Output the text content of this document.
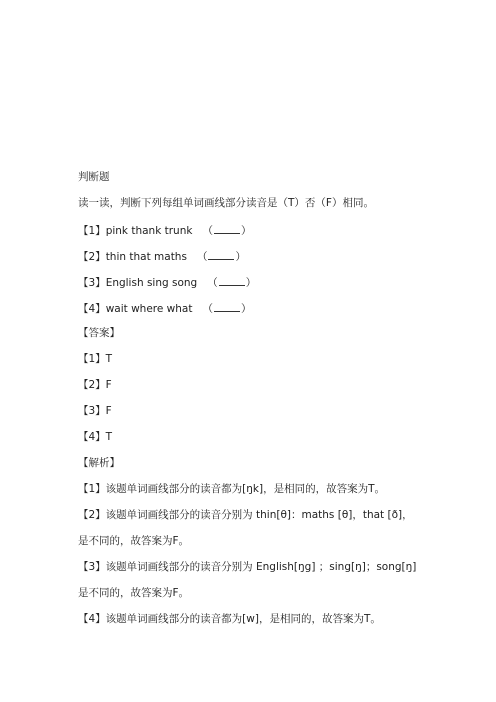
判断题
读一读，判断下列每组单词画线部分读音是（T）否（F）相同。
【1】pink thank trunk （	）
【2】thin that maths （	）
【3】English sing song （	）
【4】wait where what （	）
【答案】
【1】T
【2】F
【3】F
【4】T
【解析】
【1】该题单词画线部分的读音都为[ŋk]，是相同的，故答案为T。
【2】该题单词画线部分的读音分别为 thin[θ]：maths [θ]，that [ð]，
是不同的，故答案为F。
【3】该题单词画线部分的读音分别为 English[ŋg] ；sing[ŋ]；song[ŋ]
是不同的，故答案为F。
【4】该题单词画线部分的读音都为[w]，是相同的，故答案为T。
